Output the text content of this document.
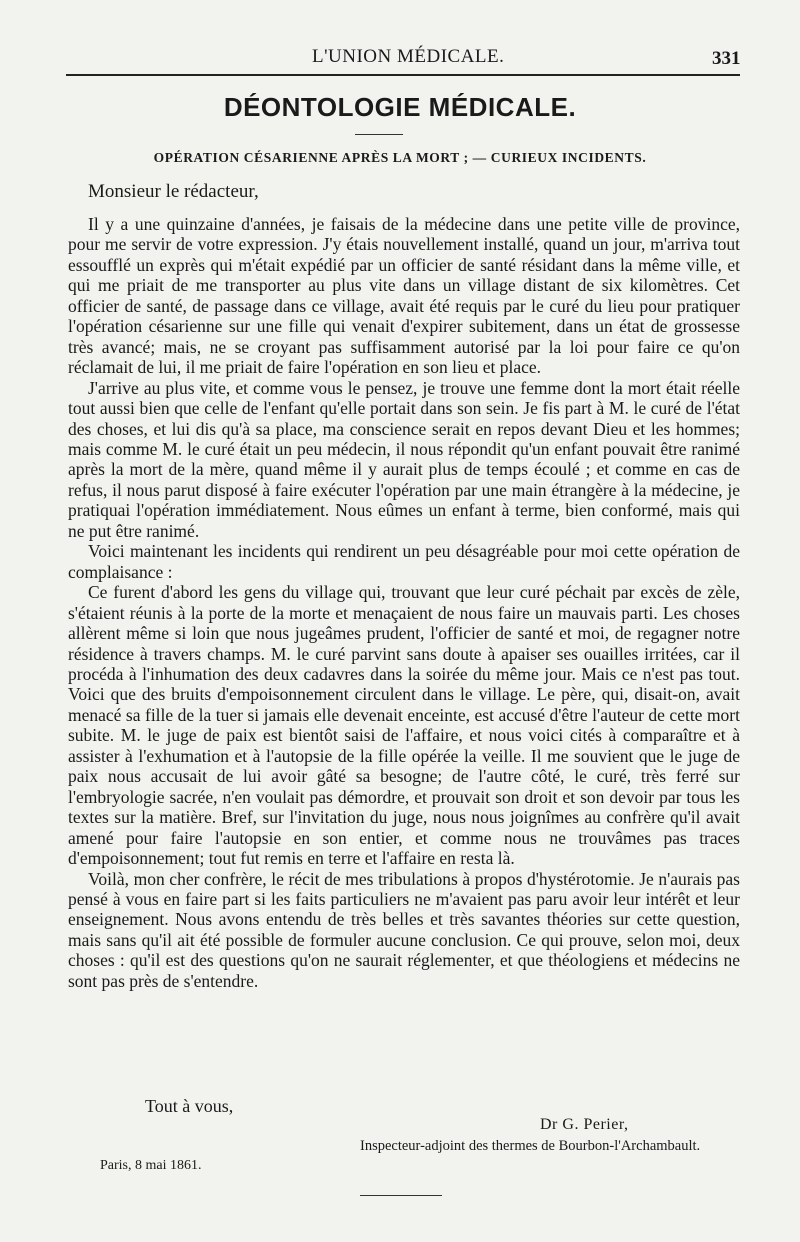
L'UNION MÉDICALE.	331
DÉONTOLOGIE MÉDICALE.
OPÉRATION CÉSARIENNE APRÈS LA MORT ; — CURIEUX INCIDENTS.
Monsieur le rédacteur,

Il y a une quinzaine d'années, je faisais de la médecine dans une petite ville de province, pour me servir de votre expression. J'y étais nouvellement installé, quand un jour, m'arriva tout essoufflé un exprès qui m'était expédié par un officier de santé résidant dans la même ville, et qui me priait de me transporter au plus vite dans un village distant de six kilomètres. Cet officier de santé, de passage dans ce village, avait été requis par le curé du lieu pour pratiquer l'opération césarienne sur une fille qui venait d'expirer subitement, dans un état de grossesse très avancé; mais, ne se croyant pas suffisamment autorisé par la loi pour faire ce qu'on réclamait de lui, il me priait de faire l'opération en son lieu et place.

J'arrive au plus vite, et comme vous le pensez, je trouve une femme dont la mort était réelle tout aussi bien que celle de l'enfant qu'elle portait dans son sein. Je fis part à M. le curé de l'état des choses, et lui dis qu'à sa place, ma conscience serait en repos devant Dieu et les hommes; mais comme M. le curé était un peu médecin, il nous répondit qu'un enfant pouvait être ranimé après la mort de la mère, quand même il y aurait plus de temps écoulé ; et comme en cas de refus, il nous parut disposé à faire exécuter l'opération par une main étrangère à la médecine, je pratiquai l'opération immédiatement. Nous eûmes un enfant à terme, bien conformé, mais qui ne put être ranimé.

Voici maintenant les incidents qui rendirent un peu désagréable pour moi cette opération de complaisance :

Ce furent d'abord les gens du village qui, trouvant que leur curé péchait par excès de zèle, s'étaient réunis à la porte de la morte et menaçaient de nous faire un mauvais parti. Les choses allèrent même si loin que nous jugeâmes prudent, l'officier de santé et moi, de regagner notre résidence à travers champs. M. le curé parvint sans doute à apaiser ses ouailles irritées, car il procéda à l'inhumation des deux cadavres dans la soirée du même jour. Mais ce n'est pas tout. Voici que des bruits d'empoisonnement circulent dans le village. Le père, qui, disait-on, avait menacé sa fille de la tuer si jamais elle devenait enceinte, est accusé d'être l'auteur de cette mort subite. M. le juge de paix est bientôt saisi de l'affaire, et nous voici cités à comparaître et à assister à l'exhumation et à l'autopsie de la fille opérée la veille. Il me souvient que le juge de paix nous accusait de lui avoir gâté sa besogne; de l'autre côté, le curé, très ferré sur l'embryologie sacrée, n'en voulait pas démordre, et prouvait son droit et son devoir par tous les textes sur la matière. Bref, sur l'invitation du juge, nous nous joignîmes au confrère qu'il avait amené pour faire l'autopsie en son entier, et comme nous ne trouvâmes pas traces d'empoisonnement; tout fut remis en terre et l'affaire en resta là.

Voilà, mon cher confrère, le récit de mes tribulations à propos d'hystérotomie. Je n'aurais pas pensé à vous en faire part si les faits particuliers ne m'avaient pas paru avoir leur intérêt et leur enseignement. Nous avons entendu de très belles et très savantes théories sur cette question, mais sans qu'il ait été possible de formuler aucune conclusion. Ce qui prouve, selon moi, deux choses : qu'il est des questions qu'on ne saurait réglementer, et que théologiens et médecins ne sont pas près de s'entendre.

Tout à vous,
Dr G. Perier,
Inspecteur-adjoint des thermes de Bourbon-l'Archambault.
Paris, 8 mai 1861.
